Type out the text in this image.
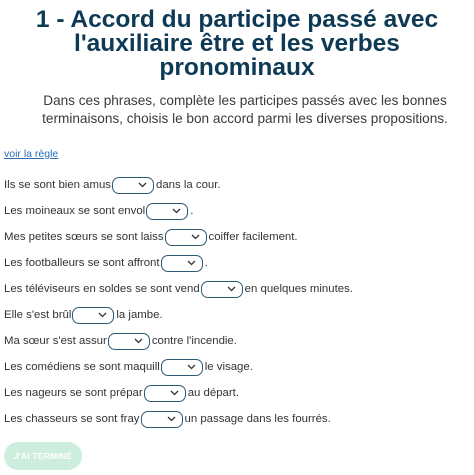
1 - Accord du participe passé avec
l'auxiliaire être et les verbes
pronominaux
Dans ces phrases, complète les participes passés avec les bonnes
terminaisons, choisis le bon accord parmi les diverses propositions.
voir la règle
Ils se sont bien amus	dans la cour.
Les moineaux se sont envol	.
Mes petites sœurs se sont laiss	coiffer facilement.
Les footballeurs se sont affront	.
Les téléviseurs en soldes se sont vend	en quelques minutes.
Elle s'est brûl	la jambe.
Ma sœur s'est assur	contre l'incendie.
Les comédiens se sont maquill	le visage.
Les nageurs se sont prépar	au départ.
Les chasseurs se sont fray	un passage dans les fourrés.
J'AI TERMINÉ
